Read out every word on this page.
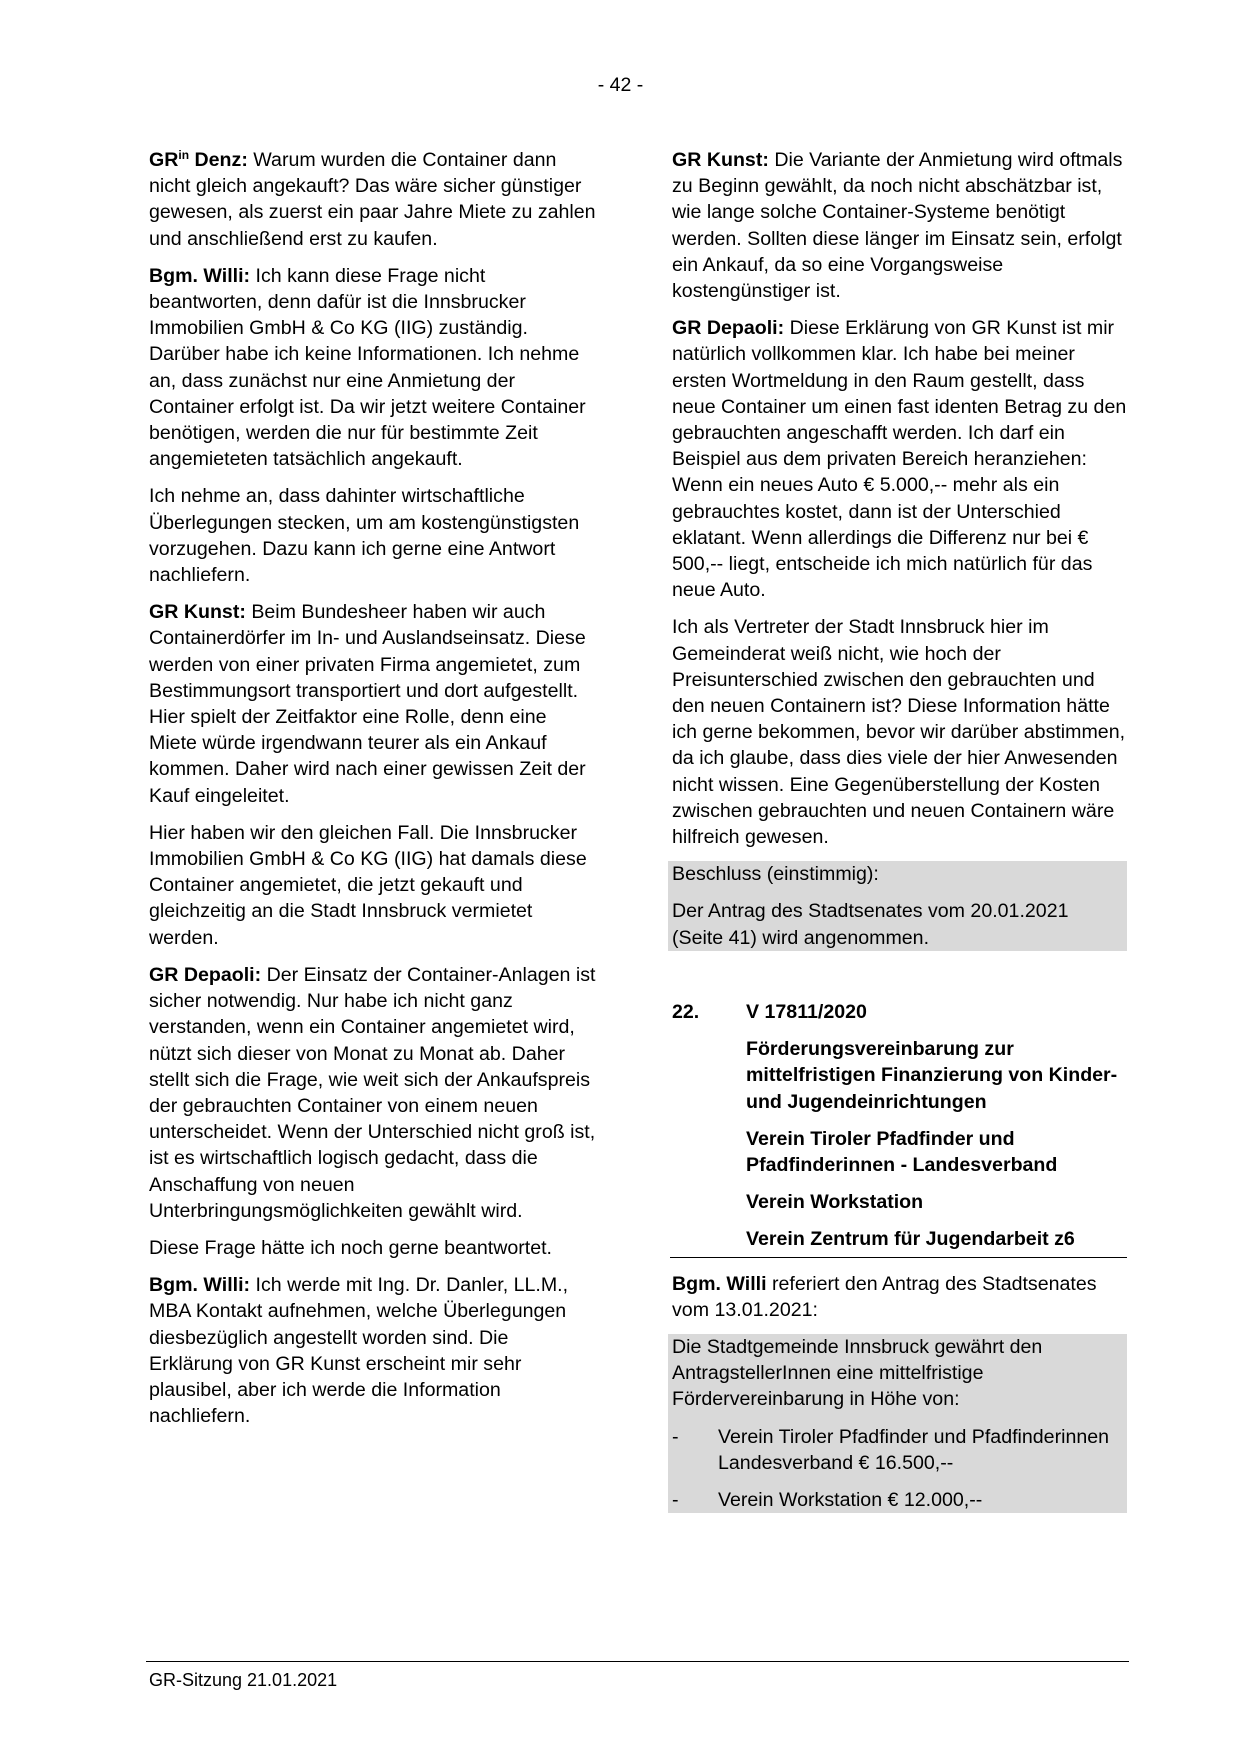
- 42 -

$GR^{in}$ Denz: Warum wurden die Container dann nicht gleich angekauft? Das wäre sicher günstiger gewesen, als zuerst ein paar Jahre Miete zu zahlen und anschließend erst zu kaufen.

Bgm. Willi: Ich kann diese Frage nicht beantworten, denn dafür ist die Innsbrucker Immobilien GmbH & Co KG (IIG) zuständig. Darüber habe ich keine Informationen. Ich nehme an, dass zunächst nur eine Anmietung der Container erfolgt ist. Da wir jetzt weitere Container benötigen, werden die nur für bestimmte Zeit angemieteten tatsächlich angekauft.

Ich nehme an, dass dahinter wirtschaftliche Überlegungen stecken, um am kostengünstigsten vorzugehen. Dazu kann ich gerne eine Antwort nachliefern.

GR Kunst: Beim Bundesheer haben wir auch Containerdörfer im In- und Auslandseinsatz. Diese werden von einer privaten Firma angemietet, zum Bestimmungsort transportiert und dort aufgestellt. Hier spielt der Zeitfaktor eine Rolle, denn eine Miete würde irgendwann teurer als ein Ankauf kommen. Daher wird nach einer gewissen Zeit der Kauf eingeleitet.

Hier haben wir den gleichen Fall. Die Innsbrucker Immobilien GmbH & Co KG (IIG) hat damals diese Container angemietet, die jetzt gekauft und gleichzeitig an die Stadt Innsbruck vermietet werden.

GR Depaoli: Der Einsatz der Container-Anlagen ist sicher notwendig. Nur habe ich nicht ganz verstanden, wenn ein Container angemietet wird, nützt sich dieser von Monat zu Monat ab. Daher stellt sich die Frage, wie weit sich der Ankaufspreis der gebrauchten Container von einem neuen unterscheidet. Wenn der Unterschied nicht groß ist, ist es wirtschaftlich logisch gedacht, dass die Anschaffung von neuen Unterbringungsmöglichkeiten gewählt wird.

Diese Frage hätte ich noch gerne beantwortet.

Bgm. Willi: Ich werde mit Ing. Dr. Danler, LL.M., MBA Kontakt aufnehmen, welche Überlegungen diesbezüglich angestellt worden sind. Die Erklärung von GR Kunst erscheint mir sehr plausibel, aber ich werde die Information nachliefern.

GR Kunst: Die Variante der Anmietung wird oftmals zu Beginn gewählt, da noch nicht abschätzbar ist, wie lange solche Container-Systeme benötigt werden. Sollten diese länger im Einsatz sein, erfolgt ein Ankauf, da so eine Vorgangsweise kostengünstiger ist.

GR Depaoli: Diese Erklärung von GR Kunst ist mir natürlich vollkommen klar. Ich habe bei meiner ersten Wortmeldung in den Raum gestellt, dass neue Container um einen fast identen Betrag zu den gebrauchten angeschafft werden. Ich darf ein Beispiel aus dem privaten Bereich heranziehen: Wenn ein neues Auto € 5.000,-- mehr als ein gebrauchtes kostet, dann ist der Unterschied eklatant. Wenn allerdings die Differenz nur bei € 500,-- liegt, entscheide ich mich natürlich für das neue Auto.

Ich als Vertreter der Stadt Innsbruck hier im Gemeinderat weiß nicht, wie hoch der Preisunterschied zwischen den gebrauchten und den neuen Containern ist? Diese Information hätte ich gerne bekommen, bevor wir darüber abstimmen, da ich glaube, dass dies viele der hier Anwesenden nicht wissen. Eine Gegenüberstellung der Kosten zwischen gebrauchten und neuen Containern wäre hilfreich gewesen.

Beschluss (einstimmig):

Der Antrag des Stadtsenates vom 20.01.2021 (Seite 41) wird angenommen.

22.	V 17811/2020

Förderungsvereinbarung zur mittelfristigen Finanzierung von Kinder- und Jugendeinrichtungen

Verein Tiroler Pfadfinder und Pfadfinderinnen - Landesverband

Verein Workstation

Verein Zentrum für Jugendarbeit z6

Bgm. Willi referiert den Antrag des Stadtsenates vom 13.01.2021:

Die Stadtgemeinde Innsbruck gewährt den AntragstellerInnen eine mittelfristige Fördervereinbarung in Höhe von:

-	Verein Tiroler Pfadfinder und Pfadfinderinnen Landesverband € 16.500,--
-	Verein Workstation € 12.000,--
GR-Sitzung 21.01.2021
